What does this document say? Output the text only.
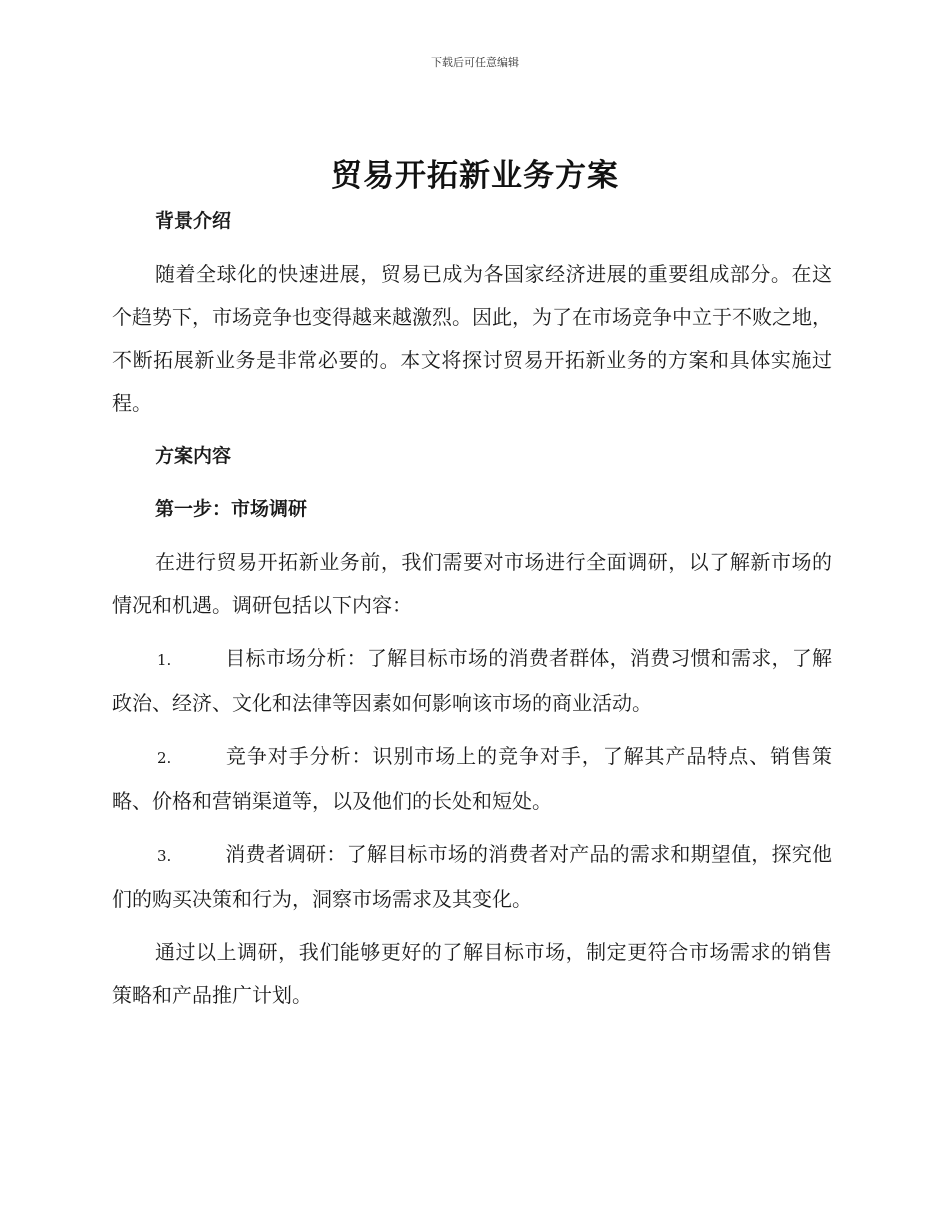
下载后可任意编辑
贸易开拓新业务方案
背景介绍

随着全球化的快速进展，贸易已成为各国家经济进展的重要组成部分。在这个趋势下，市场竞争也变得越来越激烈。因此，为了在市场竞争中立于不败之地，不断拓展新业务是非常必要的。本文将探讨贸易开拓新业务的方案和具体实施过程。

方案内容
第一步：市场调研

在进行贸易开拓新业务前，我们需要对市场进行全面调研，以了解新市场的情况和机遇。调研包括以下内容：

1.	目标市场分析：了解目标市场的消费者群体，消费习惯和需求，了解政治、经济、文化和法律等因素如何影响该市场的商业活动。

2.	竞争对手分析：识别市场上的竞争对手，了解其产品特点、销售策略、价格和营销渠道等，以及他们的长处和短处。

3.	消费者调研：了解目标市场的消费者对产品的需求和期望值，探究他们的购买决策和行为，洞察市场需求及其变化。

通过以上调研，我们能够更好的了解目标市场，制定更符合市场需求的销售策略和产品推广计划。
